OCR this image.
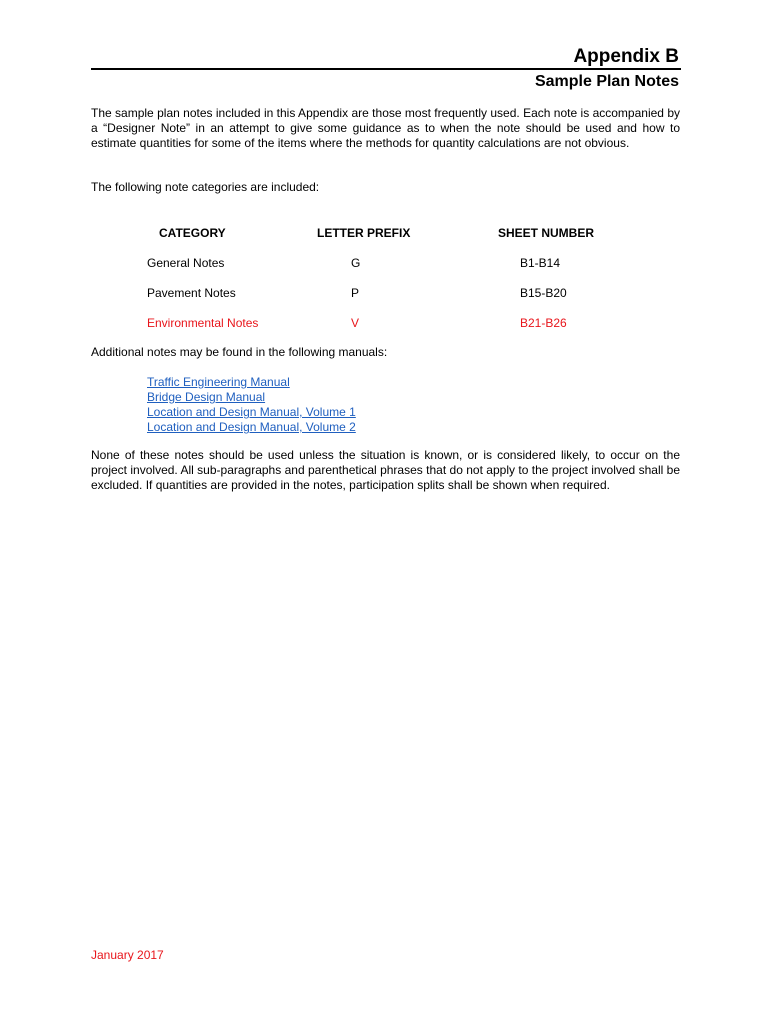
Appendix B
Sample Plan Notes

The sample plan notes included in this Appendix are those most frequently used. Each note is accompanied by a “Designer Note” in an attempt to give some guidance as to when the note should be used and how to estimate quantities for some of the items where the methods for quantity calculations are not obvious.

The following note categories are included:

CATEGORY	LETTER PREFIX	SHEET NUMBER
General Notes	G	B1-B14
Pavement Notes	P	B15-B20
Environmental Notes	V	B21-B26

Additional notes may be found in the following manuals:

Traffic Engineering Manual
Bridge Design Manual
Location and Design Manual, Volume 1
Location and Design Manual, Volume 2

None of these notes should be used unless the situation is known, or is considered likely, to occur on the project involved. All sub-paragraphs and parenthetical phrases that do not apply to the project involved shall be excluded. If quantities are provided in the notes, participation splits shall be shown when required.

January 2017
